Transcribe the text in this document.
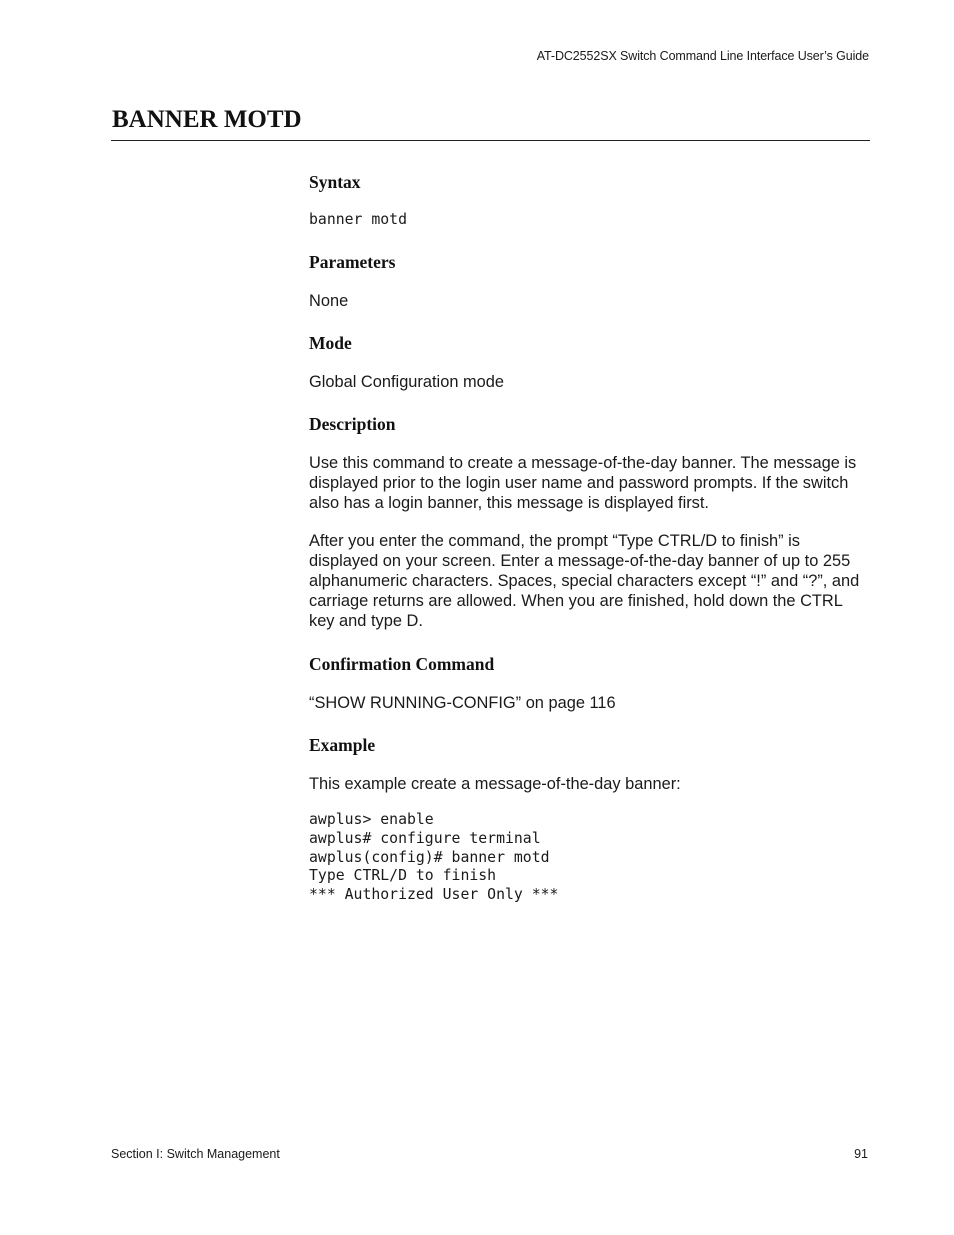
AT-DC2552SX Switch Command Line Interface User’s Guide
BANNER MOTD
Syntax
banner motd
Parameters

None

Mode

Global Configuration mode

Description

Use this command to create a message-of-the-day banner. The message is displayed prior to the login user name and password prompts. If the switch also has a login banner, this message is displayed first.

After you enter the command, the prompt “Type CTRL/D to finish” is displayed on your screen. Enter a message-of-the-day banner of up to 255 alphanumeric characters. Spaces, special characters except “!” and “?”, and carriage returns are allowed. When you are finished, hold down the CTRL key and type D.

Confirmation Command

“SHOW RUNNING-CONFIG” on page 116

Example

This example create a message-of-the-day banner:

awplus> enable
awplus# configure terminal
awplus(config)# banner motd
Type CTRL/D to finish
*** Authorized User Only ***
Section I: Switch Management	91
